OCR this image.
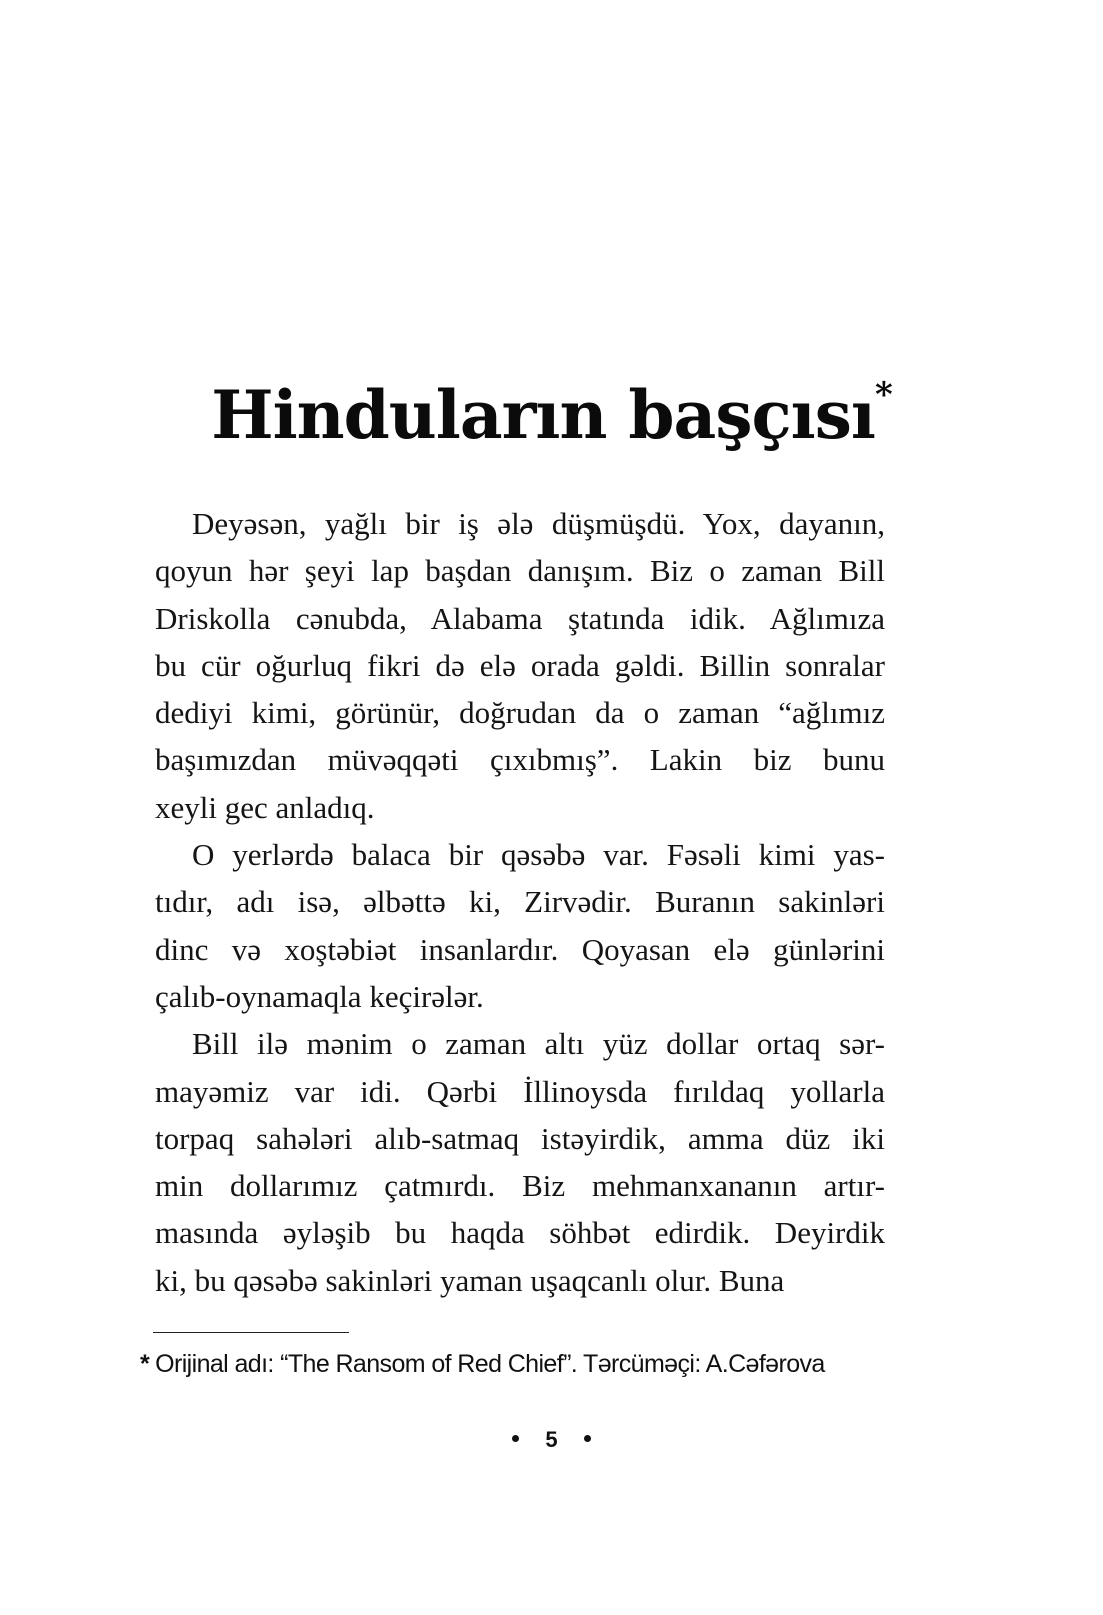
Hinduların başçısı*
Deyəsən, yağlı bir iş ələ düşmüşdü. Yox, dayanın,
qoyun hər şeyi lap başdan danışım. Biz o zaman Bill
Driskolla cənubda, Alabama ştatında idik. Ağlımıza
bu cür oğurluq fikri də elə orada gəldi. Billin sonralar
dediyi kimi, görünür, doğrudan da o zaman “ağlımız
başımızdan müvəqqəti çıxıbmış”. Lakin biz bunu
xeyli gec anladıq.
O yerlərdə balaca bir qəsəbə var. Fəsəli kimi yas-
tıdır, adı isə, əlbəttə ki, Zirvədir. Buranın sakinləri
dinc və xoştəbiət insanlardır. Qoyasan elə günlərini
çalıb-oynamaqla keçirələr.
Bill ilə mənim o zaman altı yüz dollar ortaq sər-
mayəmiz var idi. Qərbi İllinoysda fırıldaq yollarla
torpaq sahələri alıb-satmaq istəyirdik, amma düz iki
min dollarımız çatmırdı. Biz mehmanxananın artır-
masında əyləşib bu haqda söhbət edirdik. Deyirdik
ki, bu qəsəbə sakinləri yaman uşaqcanlı olur. Buna
* Orijinal adı: “The Ransom of Red Chief”. Tərcüməçi: A.Cəfərova
5
